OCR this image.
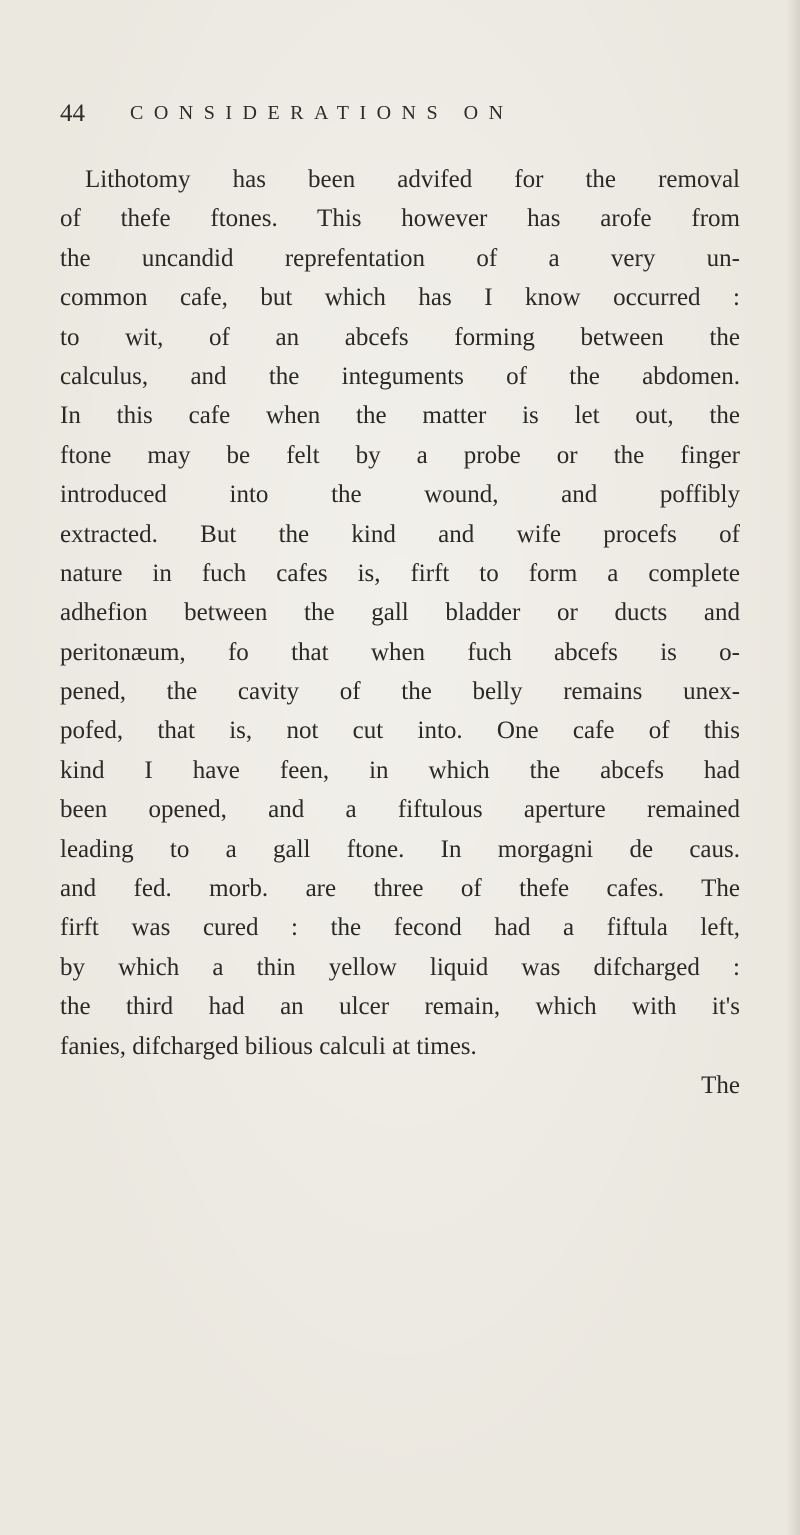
44 CONSIDERATIONS ON
Lithotomy has been advifed for the removal
of thefe ftones. This however has arofe from
the uncandid reprefentation of a very un-
common cafe, but which has I know occurred :
to wit, of an abcefs forming between the
calculus, and the integuments of the abdomen.
In this cafe when the matter is let out, the
ftone may be felt by a probe or the finger
introduced into the wound, and poffibly
extracted. But the kind and wife procefs of
nature in fuch cafes is, firft to form a complete
adhefion between the gall bladder or ducts and
peritonæum, fo that when fuch abcefs is o-
pened, the cavity of the belly remains unex-
pofed, that is, not cut into. One cafe of this
kind I have feen, in which the abcefs had
been opened, and a fiftulous aperture remained
leading to a gall ftone. In morgagni de caus.
and fed. morb. are three of thefe cafes. The
firft was cured : the fecond had a fiftula left,
by which a thin yellow liquid was difcharged :
the third had an ulcer remain, which with it's
fanies, difcharged bilious calculi at times.
The
